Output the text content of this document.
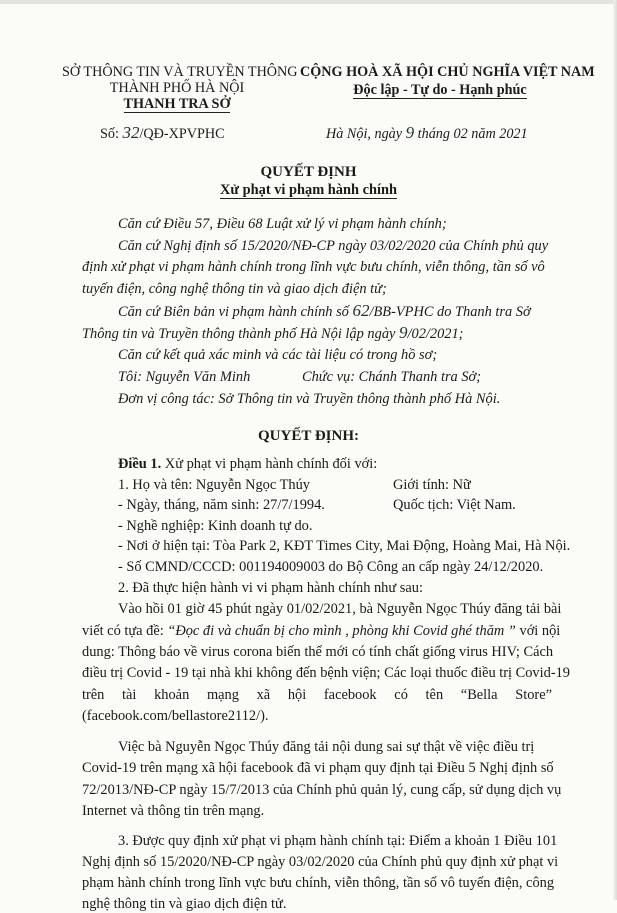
SỞ THÔNG TIN VÀ TRUYỀN THÔNG
THÀNH PHỐ HÀ NỘI
THANH TRA SỞ
CỘNG HOÀ XÃ HỘI CHỦ NGHĨA VIỆT NAM
Độc lập - Tự do - Hạnh phúc
Số: 32/QĐ-XPVPHC	Hà Nội, ngày 9 tháng 02 năm 2021
QUYẾT ĐỊNH
Xử phạt vi phạm hành chính
Căn cứ Điều 57, Điều 68 Luật xử lý vi phạm hành chính;
Căn cứ Nghị định số 15/2020/NĐ-CP ngày 03/02/2020 của Chính phủ quy
định xử phạt vi phạm hành chính trong lĩnh vực bưu chính, viễn thông, tần số vô
tuyến điện, công nghệ thông tin và giao dịch điện tử;
Căn cứ Biên bản vi phạm hành chính số 62/BB-VPHC do Thanh tra Sở
Thông tin và Truyền thông thành phố Hà Nội lập ngày 9/02/2021;
Căn cứ kết quả xác minh và các tài liệu có trong hồ sơ;
Tôi: Nguyễn Văn Minh	Chức vụ: Chánh Thanh tra Sở;
Đơn vị công tác: Sở Thông tin và Truyền thông thành phố Hà Nội.
QUYẾT ĐỊNH:
Điều 1. Xử phạt vi phạm hành chính đối với:
1. Họ và tên: Nguyễn Ngọc Thúy	Giới tính: Nữ
- Ngày, tháng, năm sinh: 27/7/1994.	Quốc tịch: Việt Nam.
- Nghề nghiệp: Kinh doanh tự do.
- Nơi ở hiện tại: Tòa Park 2, KĐT Times City, Mai Động, Hoàng Mai, Hà Nội.
- Số CMND/CCCD: 001194009003 do Bộ Công an cấp ngày 24/12/2020.
2. Đã thực hiện hành vi vi phạm hành chính như sau:
Vào hồi 01 giờ 45 phút ngày 01/02/2021, bà Nguyễn Ngọc Thúy đăng tải bài
viết có tựa đề: “Đọc đi và chuẩn bị cho mình , phòng khi Covid ghé thăm ” với nội
dung: Thông báo về virus corona biến thể mới có tính chất giống virus HIV; Cách
điều trị Covid - 19 tại nhà khi không đến bệnh viện; Các loại thuốc điều trị Covid-19
trên tài khoản mạng xã hội facebook có tên “Bella Store”
(facebook.com/bellastore2112/).
Việc bà Nguyễn Ngọc Thúy đăng tải nội dung sai sự thật về việc điều trị
Covid-19 trên mạng xã hội facebook đã vi phạm quy định tại Điều 5 Nghị định số
72/2013/NĐ-CP ngày 15/7/2013 của Chính phủ quản lý, cung cấp, sử dụng dịch vụ
Internet và thông tin trên mạng.
3. Được quy định xử phạt vi phạm hành chính tại: Điểm a khoản 1 Điều 101
Nghị định số 15/2020/NĐ-CP ngày 03/02/2020 của Chính phủ quy định xử phạt vi
phạm hành chính trong lĩnh vực bưu chính, viễn thông, tần số vô tuyến điện, công
nghệ thông tin và giao dịch điện tử.
